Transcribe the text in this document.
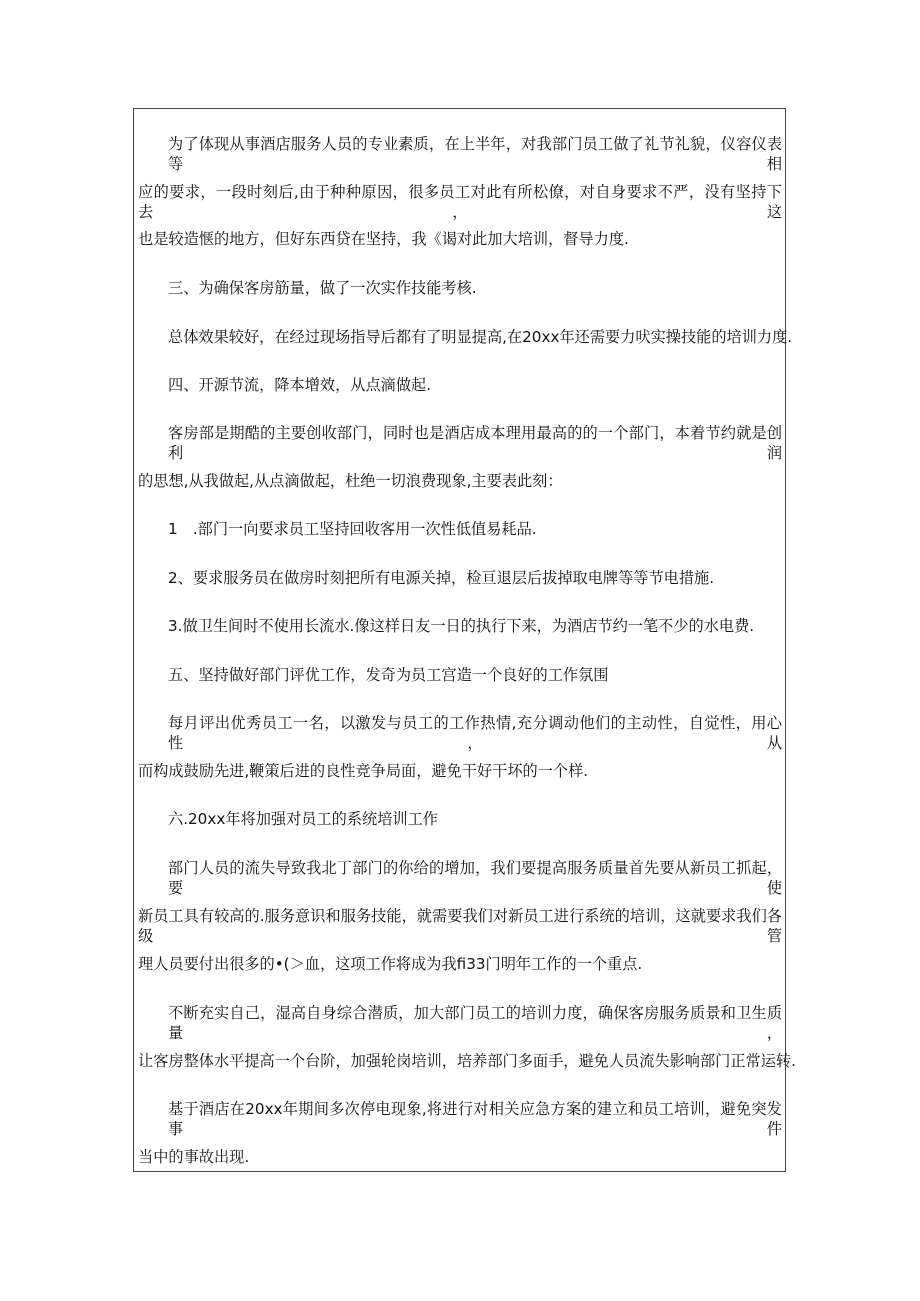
为了体现从事酒店服务人员的专业素质，在上半年，对我部门员工做了礼节礼貌，仪容仪表等相
应的要求，一段时刻后,由于种种原因，很多员工对此有所松僚，对自身要求不严，没有坚持下去，这
也是较造惬的地方，但好东西贷在坚持，我《谒对此加大培训，督导力度.
三、为确保客房筋量，做了一次实作技能考核.
总体效果较好，在经过现场指导后都有了明显提高,在20xx年还需要力吠实操技能的培训力度.
四、开源节流，降本增效，从点滴做起.
客房部是期酷的主要创收部门，同时也是酒店成本理用最高的的一个部门，本着节约就是创利润
的思想,从我做起,从点滴做起，杜绝一切浪费现象,主要表此刻：
1　.部门一向要求员工坚持回收客用一次性低值易耗品.
2、要求服务员在做房时刻把所有电源关掉，检亘退层后拔掉取电牌等等节电措施.
3.做卫生间时不使用长流水.像这样日友一日的执行下来，为酒店节约一笔不少的水电费.
五、坚持做好部门评优工作，发奇为员工宫造一个良好的工作氛围
每月评出优秀员工一名，以激发与员工的工作热情,充分调动他们的主动性，自觉性，用心性，从
而构成鼓励先进,鞭策后进的良性竞争局面，避免干好干坏的一个样.
六.20xx年将加强对员工的系统培训工作
部门人员的流失导致我北丁部门的你给的增加，我们要提高服务质量首先要从新员工抓起，要使
新员工具有较高的.服务意识和服务技能，就需要我们对新员工进行系统的培训，这就要求我们各级管
理人员要付出很多的•(＞血，这项工作将成为我fi33门明年工作的一个重点.
不断充实自己，湿高自身综合潜质，加大部门员工的培训力度，确保客房服务质景和卫生质量，
让客房整体水平提高一个台阶，加强轮岗培训，培养部门多面手，避免人员流失影响部门正常运转.
基于酒店在20xx年期间多次停电现象,将进行对相关应急方案的建立和员工培训，避免突发事件
当中的事故出现.
